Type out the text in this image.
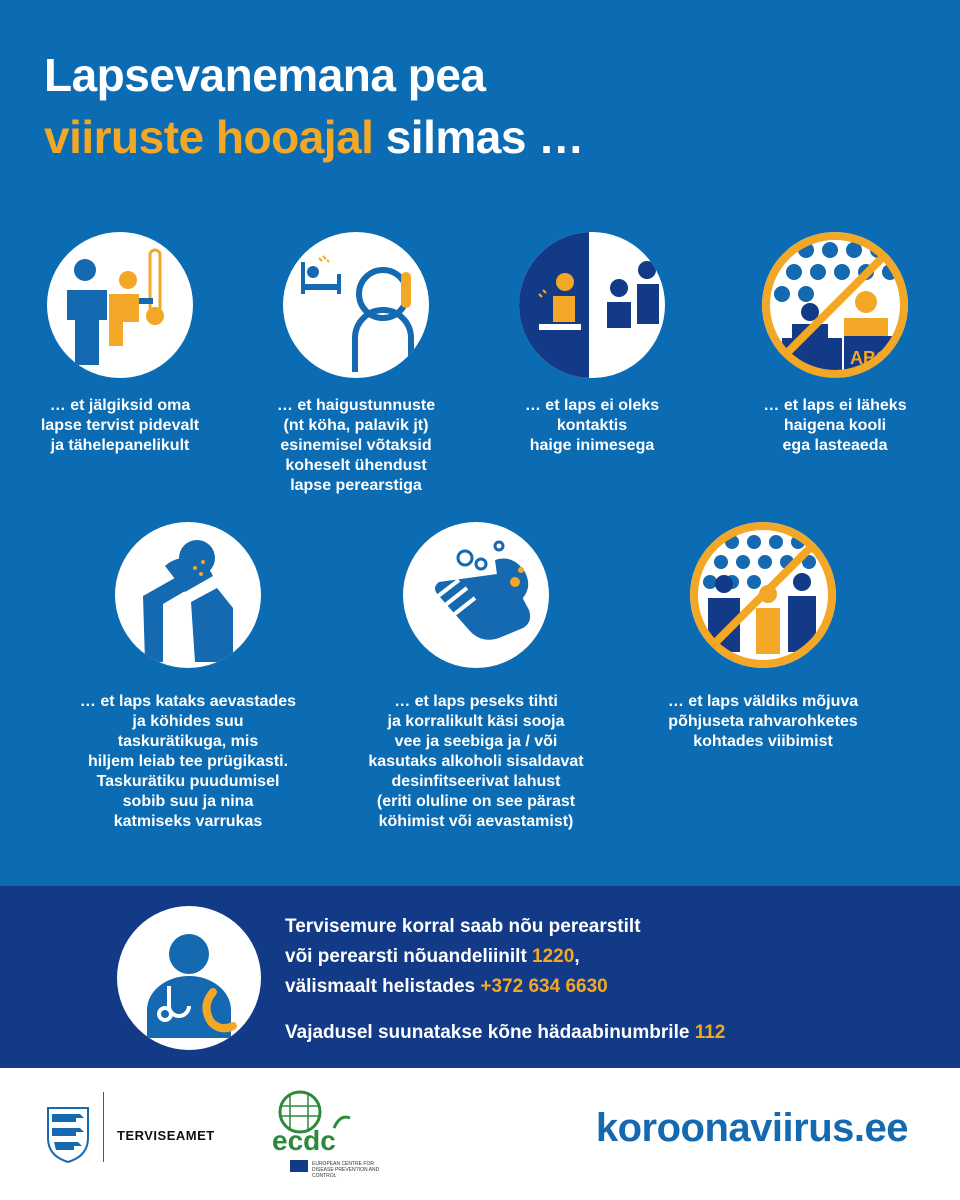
Lapsevanemana pea
viiruste hooajal silmas …
… et jälgiksid oma
lapse tervist pidevalt
ja tähelepanelikult
… et haigustunnuste
(nt köha, palavik jt)
esinemisel võtaksid
koheselt ühendust
lapse perearstiga
… et laps ei oleks
kontaktis
haige inimesega
ABC
… et laps ei läheks
haigena kooli
ega lasteaeda
… et laps kataks aevastades
ja köhides suu
taskurätikuga, mis
hiljem leiab tee prügikasti.
Taskurätiku puudumisel
sobib suu ja nina
katmiseks varrukas
… et laps peseks tihti
ja korralikult käsi sooja
vee ja seebiga ja / või
kasutaks alkoholi sisaldavat
desinfitseerivat lahust
(eriti oluline on see pärast
köhimist või aevastamist)
… et laps väldiks mõjuva
põhjuseta rahvarohketes
kohtades viibimist

Tervisemure korral saab nõu perearstilt

või perearsti nõuandeliinilt 1220,

välismaalt helistades +372 634 6630

Vajadusel suunatakse kõne hädaabinumbrile 112

TERVISEAMET ecdc
EUROPEAN CENTRE FOR DISEASE PREVENTION AND CONTROL
koroonaviirus.ee
